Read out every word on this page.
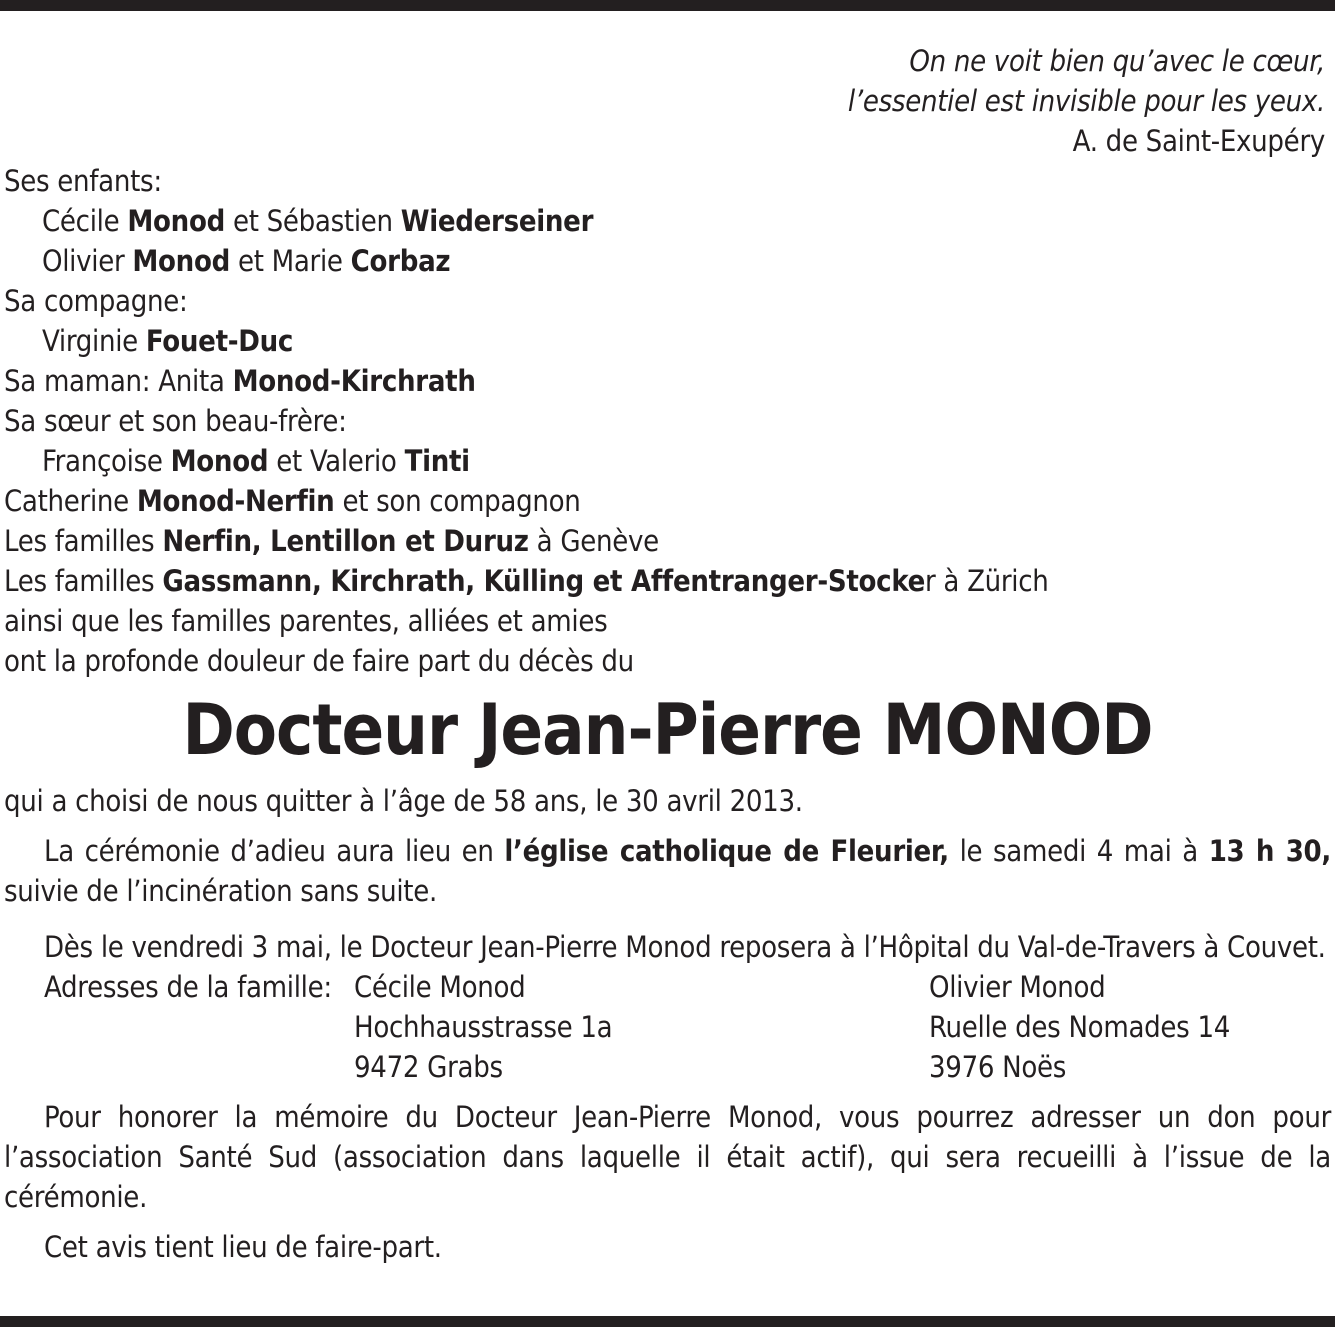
On ne voit bien qu’avec le cœur,
l’essentiel est invisible pour les yeux.
A. de Saint-Exupéry
Ses enfants:
Cécile Monod et Sébastien Wiederseiner
Olivier Monod et Marie Corbaz
Sa compagne:
Virginie Fouet-Duc
Sa maman: Anita Monod-Kirchrath
Sa sœur et son beau-frère:
Françoise Monod et Valerio Tinti
Catherine Monod-Nerfin et son compagnon
Les familles Nerfin, Lentillon et Duruz à Genève
Les familles Gassmann, Kirchrath, Külling et Affentranger-Stocker à Zürich
ainsi que les familles parentes, alliées et amies
ont la profonde douleur de faire part du décès du
Docteur Jean-Pierre MONOD
qui a choisi de nous quitter à l’âge de 58 ans, le 30 avril 2013.
La cérémonie d’adieu aura lieu en l’église catholique de Fleurier, le samedi 4 mai à 13 h 30, suivie de l’incinération sans suite.
Dès le vendredi 3 mai, le Docteur Jean-Pierre Monod reposera à l’Hôpital du Val-de-Travers à Couvet.
Adresses de la famille: Cécile Monod
Hochhausstrasse 1a
9472 Grabs
Olivier Monod
Ruelle des Nomades 14
3976 Noës
Pour honorer la mémoire du Docteur Jean-Pierre Monod, vous pourrez adresser un don pour l’association Santé Sud (association dans laquelle il était actif), qui sera recueilli à l’issue de la cérémonie.
Cet avis tient lieu de faire-part.
